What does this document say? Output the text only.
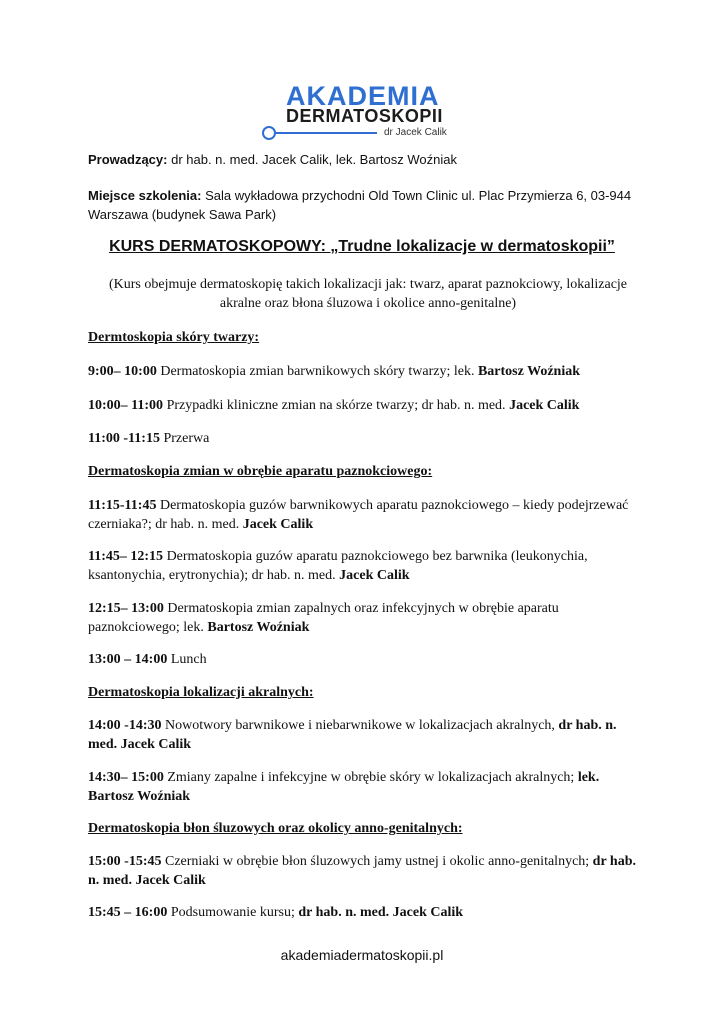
AKADEMIA
DERMATOSKOPII
dr Jacek Calik
Prowadzący: dr hab. n. med. Jacek Calik, lek. Bartosz Woźniak
Miejsce szkolenia: Sala wykładowa przychodni Old Town Clinic ul. Plac Przymierza 6, 03-944 Warszawa (budynek Sawa Park)
KURS DERMATOSKOPOWY: „Trudne lokalizacje w dermatoskopii”
(Kurs obejmuje dermatoskopię takich lokalizacji jak: twarz, aparat paznokciowy, lokalizacje akralne oraz błona śluzowa i okolice anno-genitalne)
Dermtoskopia skóry twarzy:
9:00– 10:00 Dermatoskopia zmian barwnikowych skóry twarzy; lek. Bartosz Woźniak
10:00– 11:00 Przypadki kliniczne zmian na skórze twarzy; dr hab. n. med. Jacek Calik
11:00 -11:15 Przerwa
Dermatoskopia zmian w obrębie aparatu paznokciowego:
11:15-11:45 Dermatoskopia guzów barwnikowych aparatu paznokciowego – kiedy podejrzewać czerniaka?; dr hab. n. med. Jacek Calik
11:45– 12:15 Dermatoskopia guzów aparatu paznokciowego bez barwnika (leukonychia, ksantonychia, erytronychia); dr hab. n. med. Jacek Calik
12:15– 13:00 Dermatoskopia zmian zapalnych oraz infekcyjnych w obrębie aparatu paznokciowego; lek. Bartosz Woźniak
13:00 – 14:00 Lunch
Dermatoskopia lokalizacji akralnych:
14:00 -14:30 Nowotwory barwnikowe i niebarwnikowe w lokalizacjach akralnych, dr hab. n. med. Jacek Calik
14:30– 15:00 Zmiany zapalne i infekcyjne w obrębie skóry w lokalizacjach akralnych; lek. Bartosz Woźniak
Dermatoskopia błon śluzowych oraz okolicy anno-genitalnych:
15:00 -15:45 Czerniaki w obrębie błon śluzowych jamy ustnej i okolic anno-genitalnych; dr hab. n. med. Jacek Calik
15:45 – 16:00 Podsumowanie kursu; dr hab. n. med. Jacek Calik
akademiadermatoskopii.pl
